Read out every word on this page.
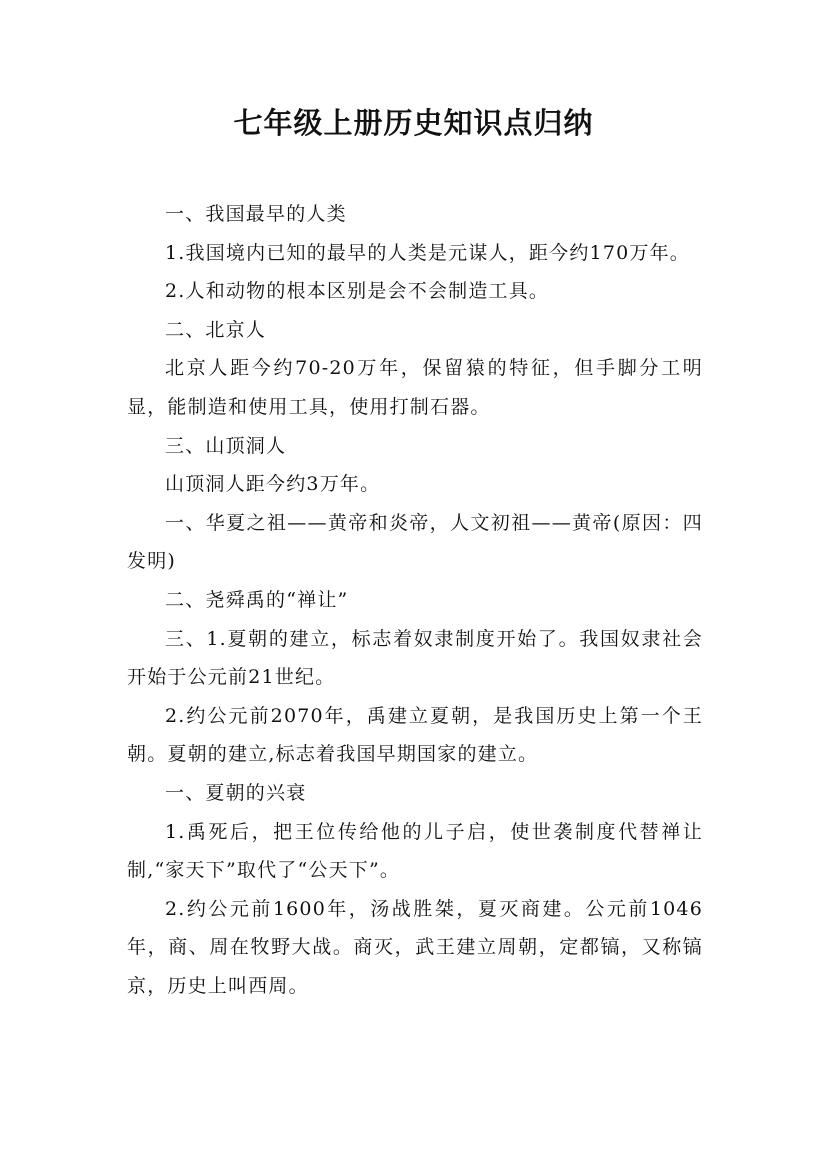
七年级上册历史知识点归纳

一、我国最早的人类

1.我国境内已知的最早的人类是元谋人，距今约170万年。

2.人和动物的根本区别是会不会制造工具。

二、北京人

北京人距今约70-20万年，保留猿的特征，但手脚分工明显，能制造和使用工具，使用打制石器。

三、山顶洞人

山顶洞人距今约3万年。

一、华夏之祖——黄帝和炎帝，人文初祖——黄帝(原因：四发明)

二、尧舜禹的“禅让”

三、1.夏朝的建立，标志着奴隶制度开始了。我国奴隶社会开始于公元前21世纪。

2.约公元前2070年，禹建立夏朝，是我国历史上第一个王朝。夏朝的建立,标志着我国早期国家的建立。

一、夏朝的兴衰

1.禹死后，把王位传给他的儿子启，使世袭制度代替禅让制,“家天下”取代了“公天下”。

2.约公元前1600年，汤战胜桀，夏灭商建。公元前1046年，商、周在牧野大战。商灭，武王建立周朝，定都镐，又称镐京，历史上叫西周。
